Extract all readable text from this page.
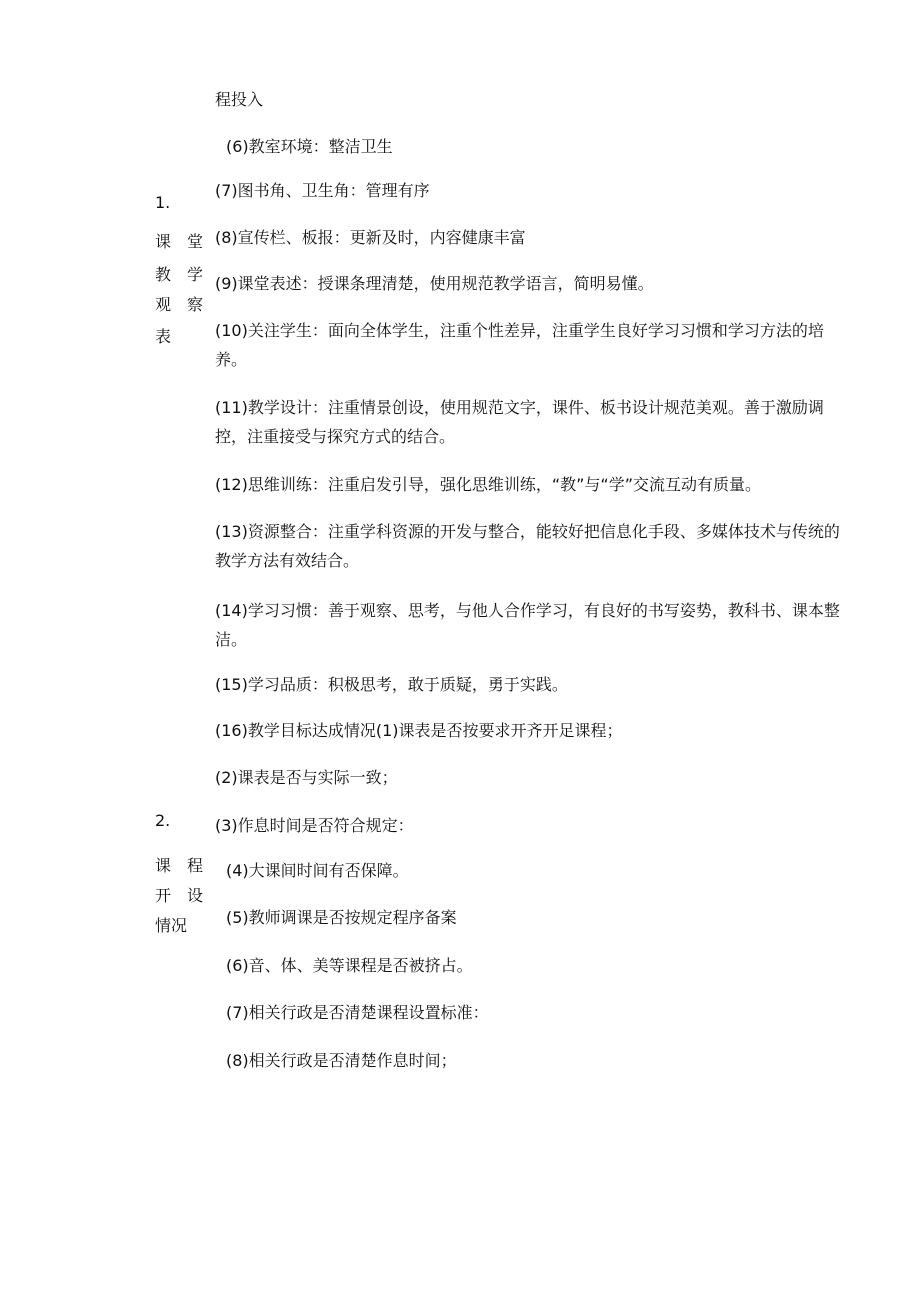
1.
课 堂
教 学
观 察
表
2.
课 程
开 设
情况
程投入
(6)教室环境：整洁卫生
(7)图书角、卫生角：管理有序
(8)宣传栏、板报：更新及时，内容健康丰富
(9)课堂表述：授课条理清楚，使用规范教学语言，简明易懂。
(10)关注学生：面向全体学生，注重个性差异，注重学生良好学习习惯和学习方法的培养。
(11)教学设计：注重情景创设，使用规范文字，课件、板书设计规范美观。善于激励调控，注重接受与探究方式的结合。
(12)思维训练：注重启发引导，强化思维训练，“教”与“学”交流互动有质量。
(13)资源整合：注重学科资源的开发与整合，能较好把信息化手段、多媒体技术与传统的教学方法有效结合。
(14)学习习惯：善于观察、思考，与他人合作学习，有良好的书写姿势，教科书、课本整洁。
(15)学习品质：积极思考，敢于质疑，勇于实践。
(16)教学目标达成情况(1)课表是否按要求开齐开足课程；
(2)课表是否与实际一致；
(3)作息时间是否符合规定：
(4)大课间时间有否保障。
(5)教师调课是否按规定程序备案
(6)音、体、美等课程是否被挤占。
(7)相关行政是否清楚课程设置标准：
(8)相关行政是否清楚作息时间；
